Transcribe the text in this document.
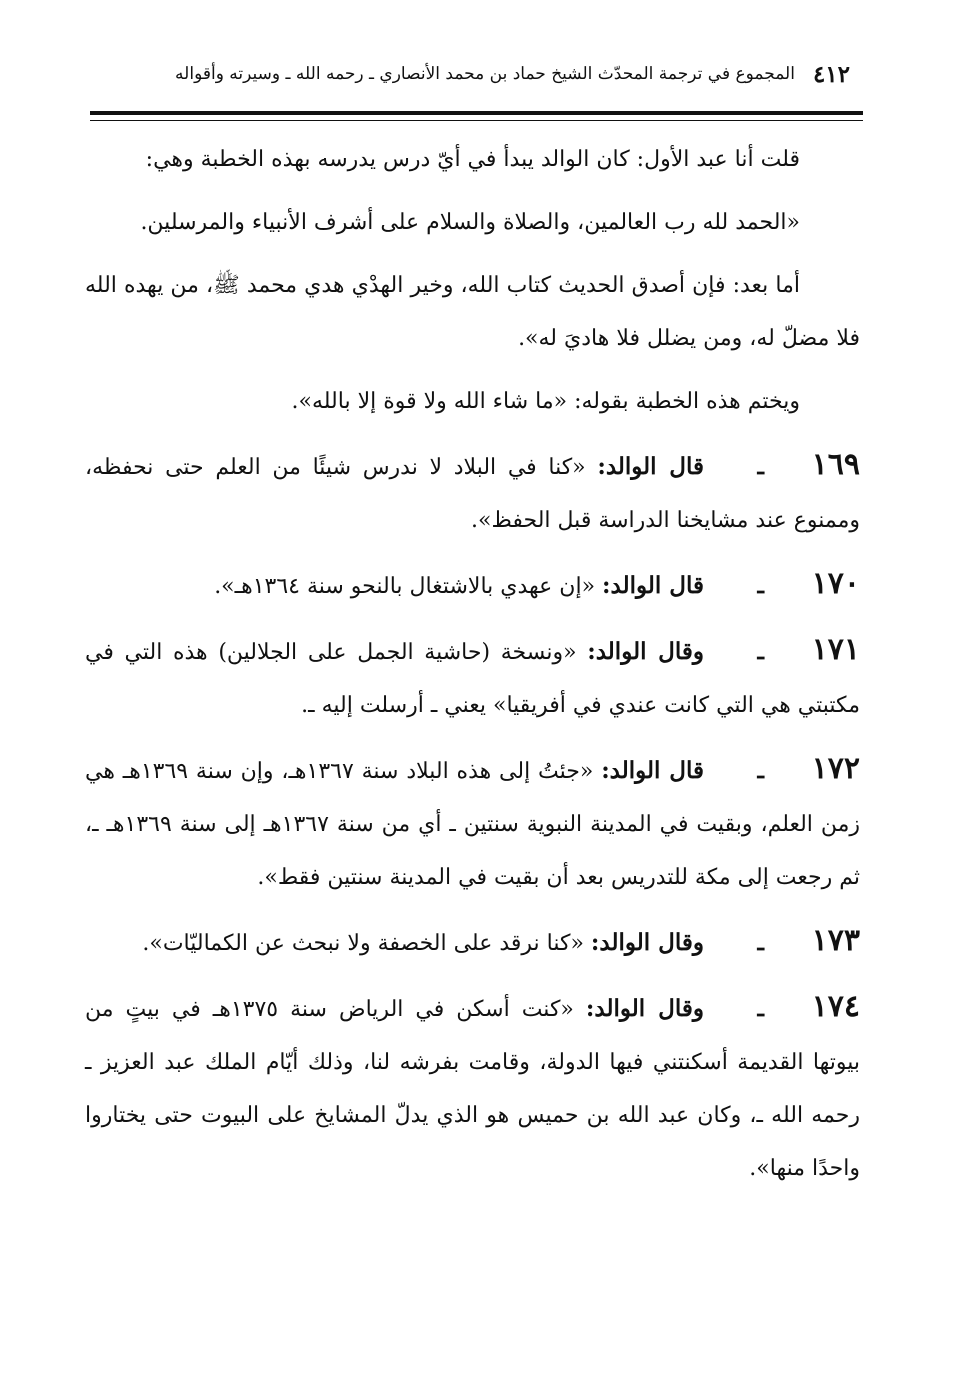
٤١٢
المجموع في ترجمة المحدّث الشيخ حماد بن محمد الأنصاري ـ رحمه الله ـ وسيرته وأقواله

قلت أنا عبد الأول: كان الوالد يبدأ في أيّ درس يدرسه بهذه الخطبة وهي:

«الحمد لله رب العالمين، والصلاة والسلام على أشرف الأنبياء والمرسلين.

أما بعد: فإن أصدق الحديث كتاب الله، وخير الهدْي هدي محمد ﷺ، من يهده الله فلا مضلّ له، ومن يضلل فلا هاديَ له».

ويختم هذه الخطبة بقوله: «ما شاء الله ولا قوة إلا بالله».

١٦٩ـقال الوالد: «كنا في البلاد لا ندرس شيئًا من العلم حتى نحفظه، وممنوع عند مشايخنا الدراسة قبل الحفظ».

١٧٠ـقال الوالد: «إن عهدي بالاشتغال بالنحو سنة ١٣٦٤هـ».

١٧١ـوقال الوالد: «ونسخة (حاشية الجمل على الجلالين) هذه التي في مكتبتي هي التي كانت عندي في أفريقيا» يعني ـ أرسلت إليه ـ.

١٧٢ـقال الوالد: «جئتُ إلى هذه البلاد سنة ١٣٦٧هـ، وإن سنة ١٣٦٩هـ هي زمن العلم، وبقيت في المدينة النبوية سنتين ـ أي من سنة ١٣٦٧هـ إلى سنة ١٣٦٩هـ ـ، ثم رجعت إلى مكة للتدريس بعد أن بقيت في المدينة سنتين فقط».

١٧٣ـوقال الوالد: «كنا نرقد على الخصفة ولا نبحث عن الكماليّات».

١٧٤ـوقال الوالد: «كنت أسكن في الرياض سنة ١٣٧٥هـ في بيتٍ من بيوتها القديمة أسكنتني فيها الدولة، وقامت بفرشه لنا، وذلك أيّام الملك عبد العزيز ـ رحمه الله ـ، وكان عبد الله بن حميس هو الذي يدلّ المشايخ على البيوت حتى يختاروا واحدًا منها».
